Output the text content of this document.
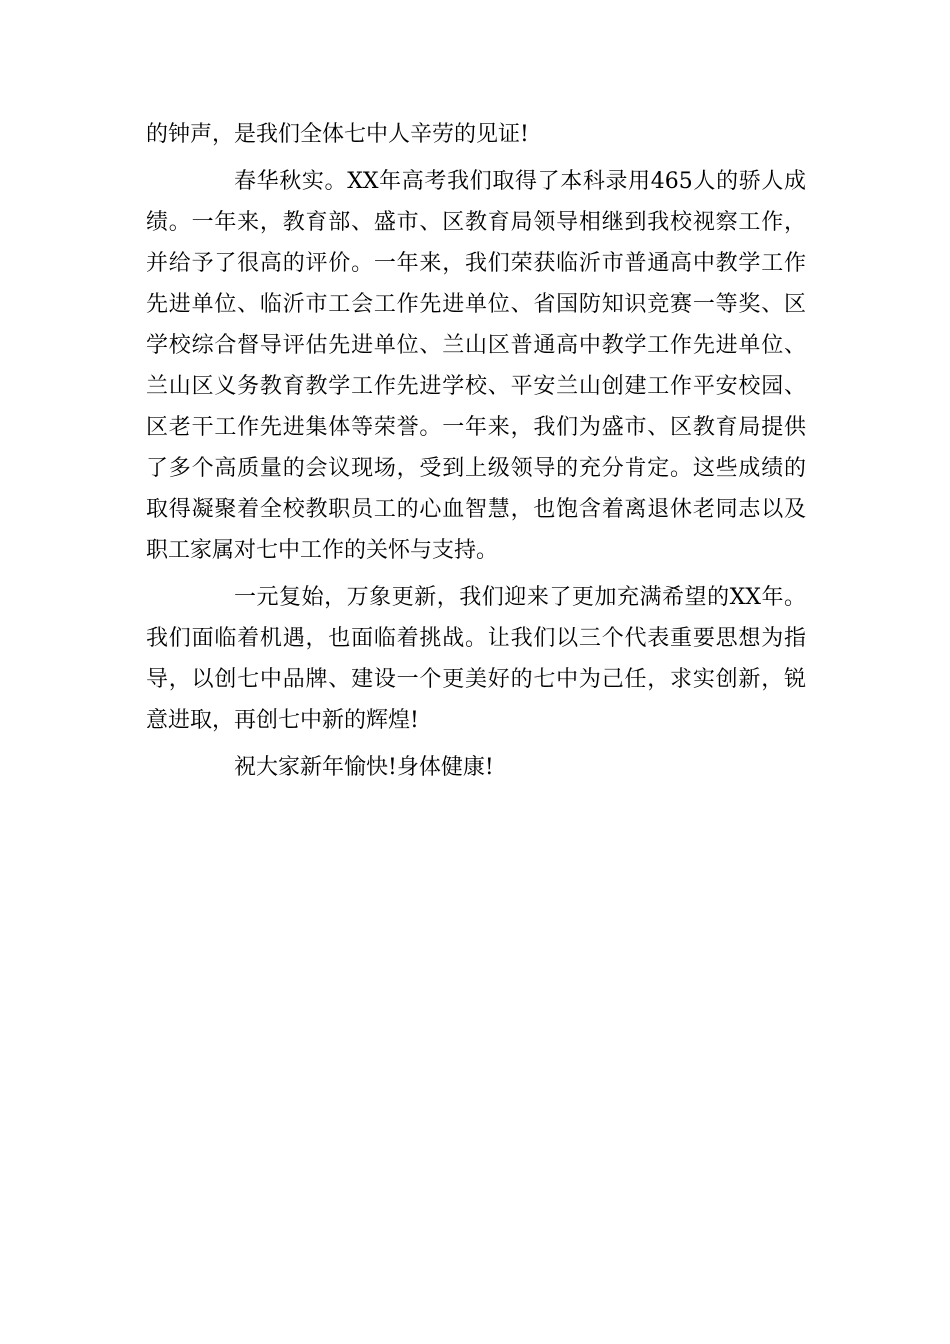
的钟声，是我们全体七中人辛劳的见证!
春华秋实。XX年高考我们取得了本科录用465人的骄人成
绩。一年来，教育部、盛市、区教育局领导相继到我校视察工作，
并给予了很高的评价。一年来，我们荣获临沂市普通高中教学工作
先进单位、临沂市工会工作先进单位、省国防知识竞赛一等奖、区
学校综合督导评估先进单位、兰山区普通高中教学工作先进单位、
兰山区义务教育教学工作先进学校、平安兰山创建工作平安校园、
区老干工作先进集体等荣誉。一年来，我们为盛市、区教育局提供
了多个高质量的会议现场，受到上级领导的充分肯定。这些成绩的
取得凝聚着全校教职员工的心血智慧，也饱含着离退休老同志以及
职工家属对七中工作的关怀与支持。
一元复始，万象更新，我们迎来了更加充满希望的XX年。
我们面临着机遇，也面临着挑战。让我们以三个代表重要思想为指
导，以创七中品牌、建设一个更美好的七中为己任，求实创新，锐
意进取，再创七中新的辉煌!
祝大家新年愉快!身体健康!
